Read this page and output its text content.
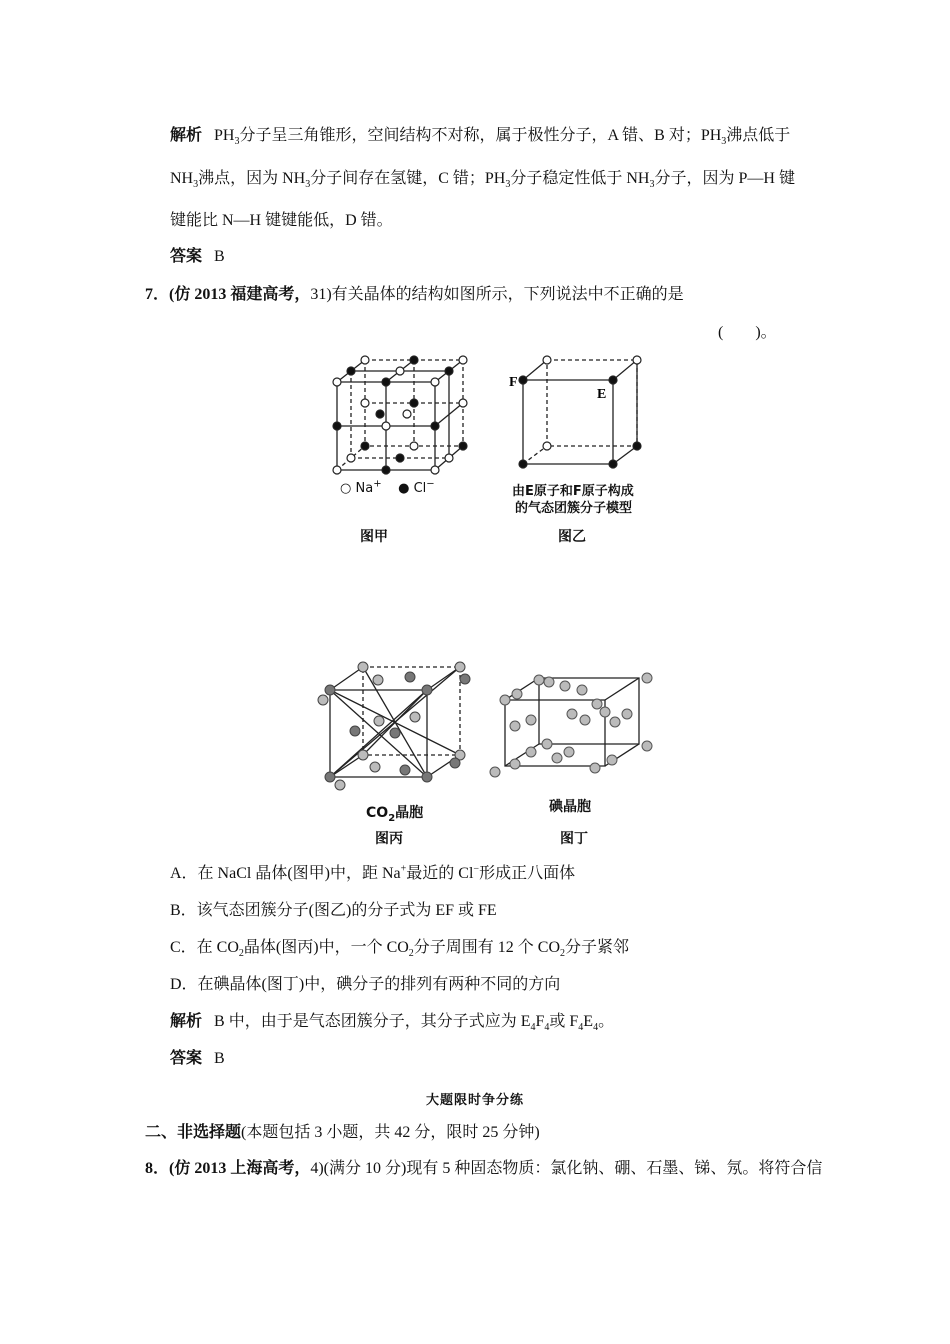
解析 $PH_3$分子呈三角锥形，空间结构不对称，属于极性分子，A 错、B 对；$PH_3$沸点低于
$NH_3$沸点，因为 $NH_3$分子间存在氢键，C 错；$PH_3$分子稳定性低于 $NH_3$分子，因为 P—H 键
键能比 N—H 键键能低，D 错。
答案 B
7．(仿 2013 福建高考，31)有关晶体的结构如图所示，下列说法中不正确的是
(　　)。
○ Na+ ● Cl−
图甲
F
E
由E原子和F原子构成
的气态团簇分子模型
图乙
$CO_2$晶胞
图丙
碘晶胞
图丁
A．在 NaCl 晶体(图甲)中，距 Na+最近的 Cl−形成正八面体
B．该气态团簇分子(图乙)的分子式为 EF 或 FE
C．在 $CO_2$晶体(图丙)中，一个 $CO_2$分子周围有 12 个 $CO_2$分子紧邻
D．在碘晶体(图丁)中，碘分子的排列有两种不同的方向
解析 B 中，由于是气态团簇分子，其分子式应为 $E_4F_4$或 $F_4E_4$。
答案 B
大题限时争分练
二、非选择题(本题包括 3 小题，共 42 分，限时 25 分钟)
8．(仿 2013 上海高考，4)(满分 10 分)现有 5 种固态物质：氯化钠、硼、石墨、锑、氖。将符合信
